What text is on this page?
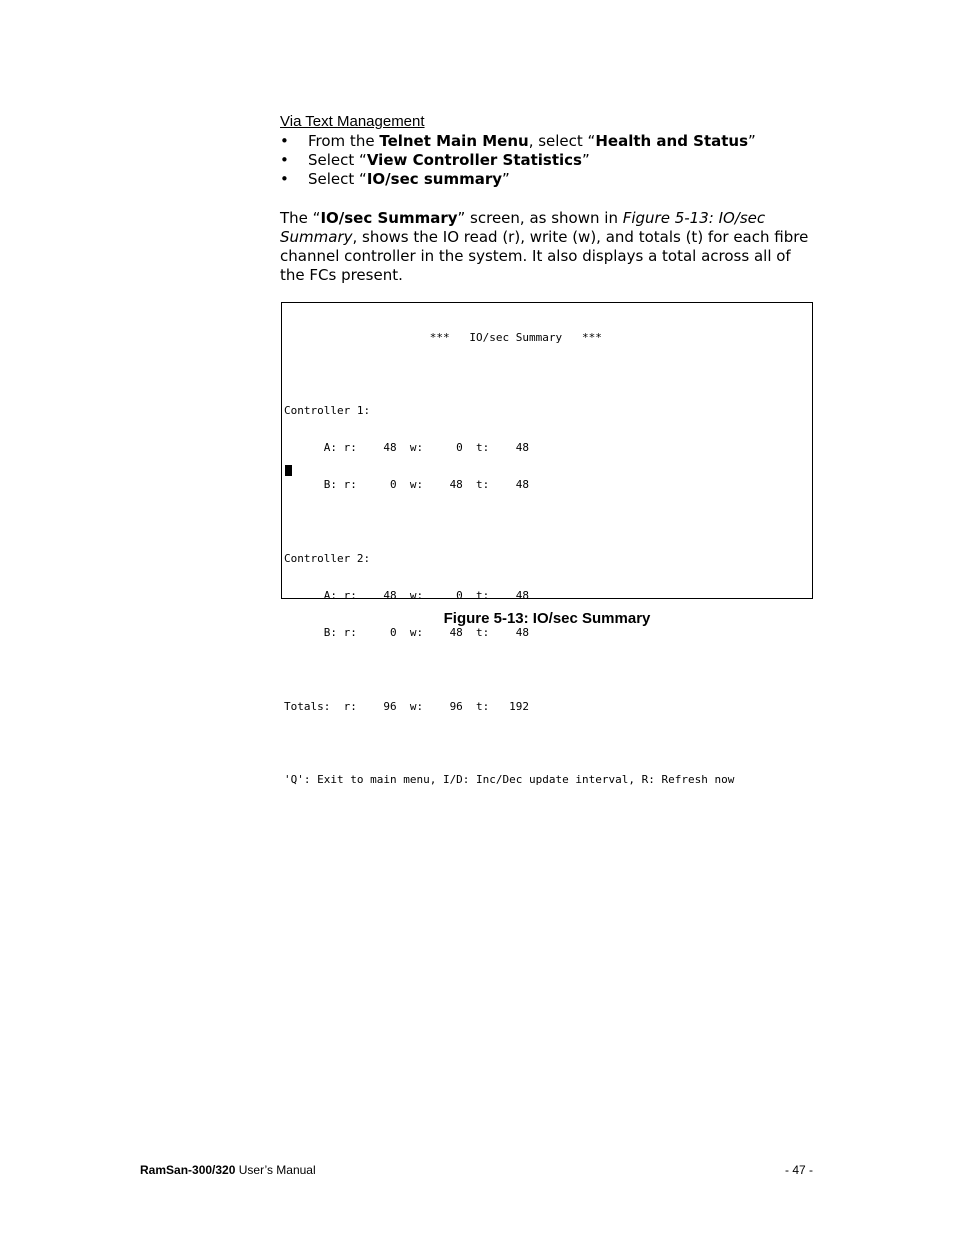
Via Text Management

• From the Telnet Main Menu, select “Health and Status”
• Select “View Controller Statistics”
• Select “IO/sec summary”

The “IO/sec Summary” screen, as shown in Figure 5-13: IO/sec Summary, shows the IO read (r), write (w), and totals (t) for each fibre channel controller in the system. It also displays a total across all of the FCs present.

***   IO/sec Summary   ***

Controller 1:

A: r:    48  w:     0  t:    48

B: r:     0  w:    48  t:    48

Controller 2:

A: r:    48  w:     0  t:    48

B: r:     0  w:    48  t:    48

Totals:  r:    96  w:    96  t:   192

'Q': Exit to main menu, I/D: Inc/Dec update interval, R: Refresh now

Figure 5-13: IO/sec Summary

RamSan-300/320 User’s Manual	- 47 -
